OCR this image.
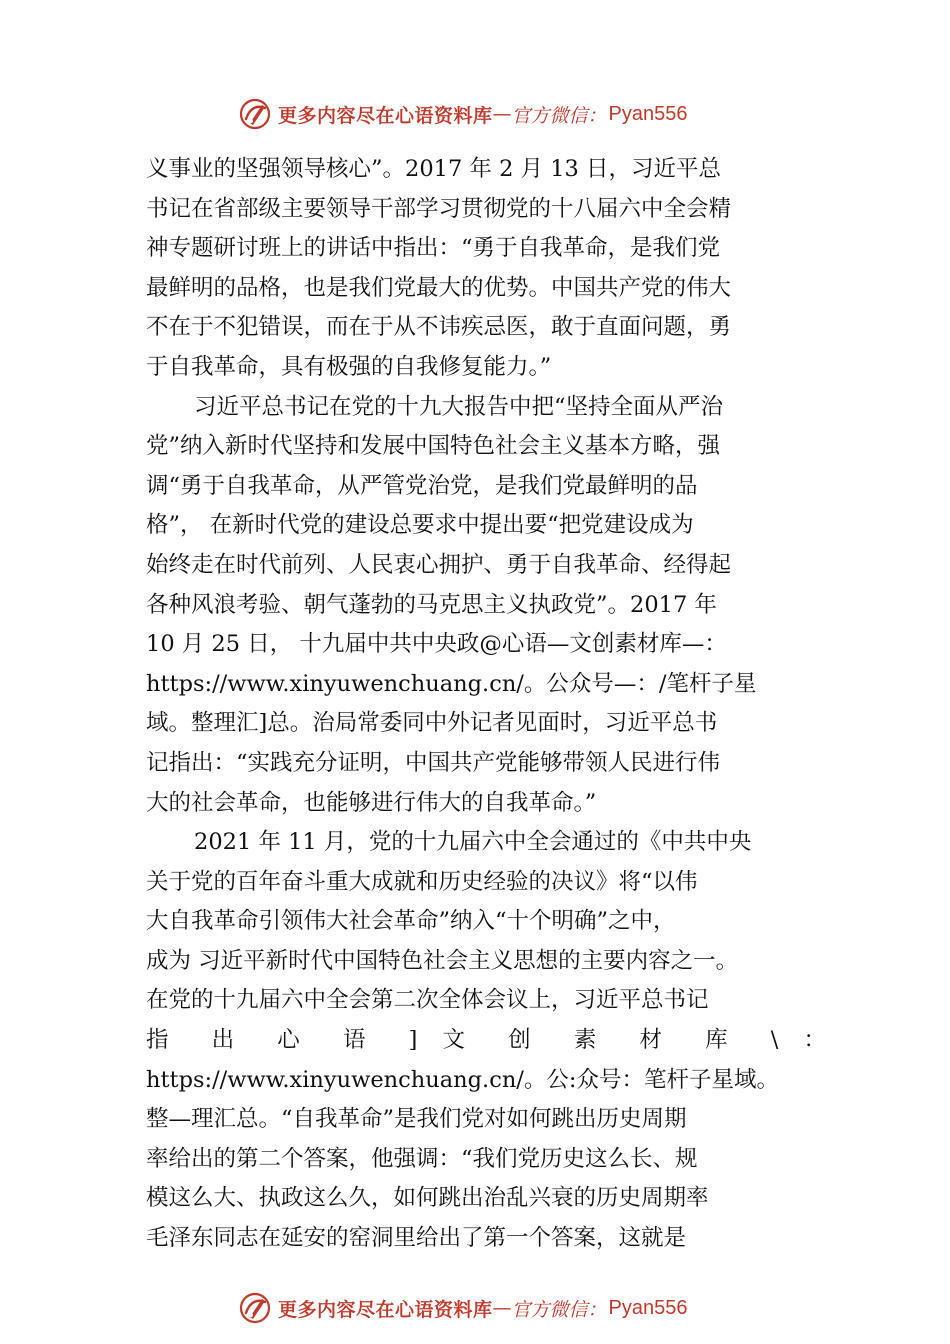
更多内容尽在心语资料库 — 官方微信： Pyan556
义事业的坚强领导核心”。2017 年 2 月 13 日，习近平总
书记在省部级主要领导干部学习贯彻党的十八届六中全会精
神专题研讨班上的讲话中指出：“勇于自我革命，是我们党
最鲜明的品格，也是我们党最大的优势。中国共产党的伟大
不在于不犯错误，而在于从不讳疾忌医，敢于直面问题，勇
于自我革命，具有极强的自我修复能力。”
习近平总书记在党的十九大报告中把“坚持全面从严治
党”纳入新时代坚持和发展中国特色社会主义基本方略，强
调“勇于自我革命，从严管党治党，是我们党最鲜明的品
格”， 在新时代党的建设总要求中提出要“把党建设成为
始终走在时代前列、人民衷心拥护、勇于自我革命、经得起
各种风浪考验、朝气蓬勃的马克思主义执政党”。2017 年
10 月 25 日， 十九届中共中央政@心语—文创素材库—：
https://www.xinyuwenchuang.cn/。公众号—：/笔杆子星
域。整理汇]总。治局常委同中外记者见面时，习近平总书
记指出：“实践充分证明，中国共产党能够带领人民进行伟
大的社会革命，也能够进行伟大的自我革命。”
2021 年 11 月，党的十九届六中全会通过的《中共中央
关于党的百年奋斗重大成就和历史经验的决议》将“以伟
大自我革命引领伟大社会革命”纳入“十个明确”之中，
成为 习近平新时代中国特色社会主义思想的主要内容之一。
在党的十九届六中全会第二次全体会议上，习近平总书记
指 出 心 语 ] 文 创 素 材 库 \ ：
https://www.xinyuwenchuang.cn/。公:众号：笔杆子星域。
整—理汇总。“自我革命”是我们党对如何跳出历史周期
率给出的第二个答案，他强调：“我们党历史这么长、规
模这么大、执政这么久，如何跳出治乱兴衰的历史周期率
毛泽东同志在延安的窑洞里给出了第一个答案，这就是
更多内容尽在心语资料库 — 官方微信： Pyan556
